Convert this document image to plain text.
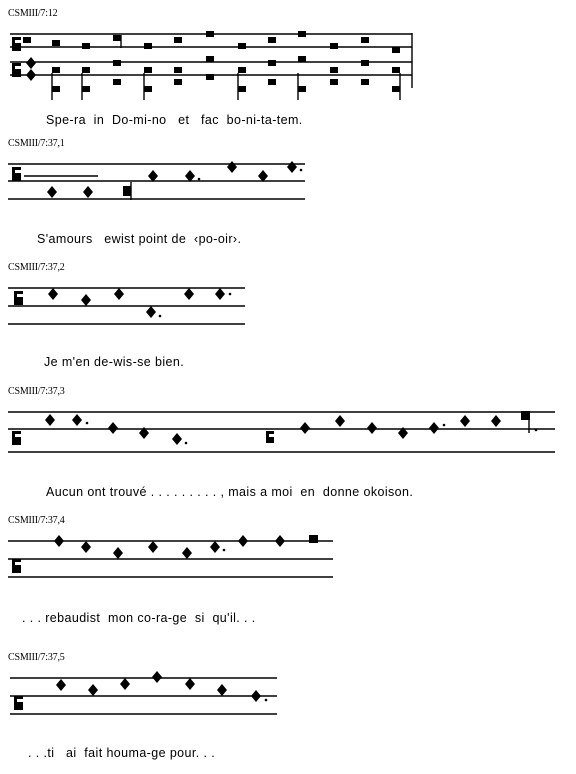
CSMIII/7:12
Spe-ra  in  Do-mi-no   et   fac  bo-ni-ta-tem.
CSMIII/7:37,1
S'amours   ewist point de  ‹po-oir›.
CSMIII/7:37,2
Je m'en de-wis-se bien.
CSMIII/7:37,3
Aucun ont trouvé . . . . . . . . . , mais a moi  en  donne okoison.
CSMIII/7:37,4
. . . rebaudist  mon co-ra-ge  si  qu'il. . .
CSMIII/7:37,5
. . .ti   ai  fait houma-ge pour. . .
